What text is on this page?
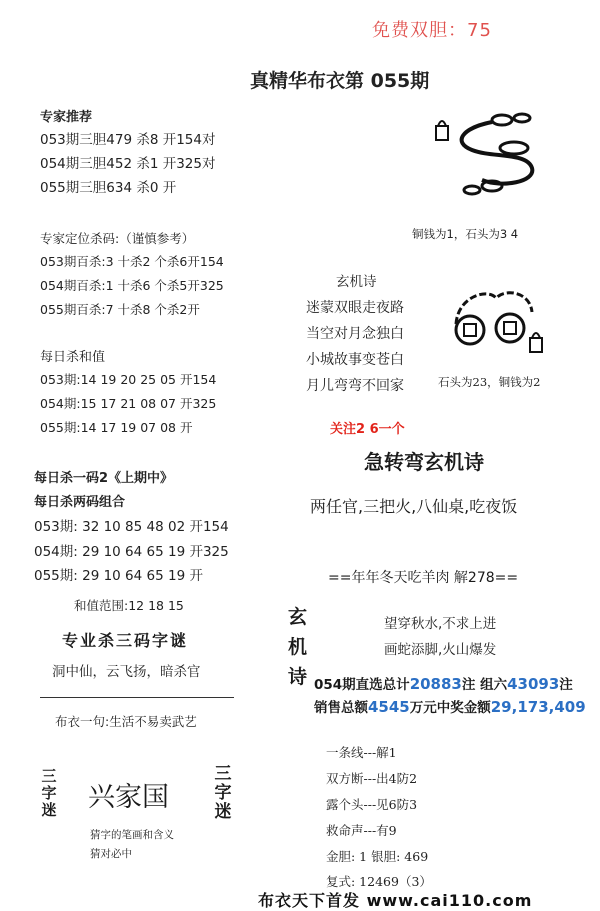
免费双胆：75
真精华布衣第 055期
专家推荐
053期三胆479 杀8 开154对
054期三胆452 杀1 开325对
055期三胆634 杀0 开
专家定位杀码:（谨慎参考）
053期百杀:3 十杀2 个杀6开154
054期百杀:1 十杀6 个杀5开325
055期百杀:7 十杀8 个杀2开
每日杀和值
053期:14 19 20 25 05 开154
054期:15 17 21 08 07 开325
055期:14 17 19 07 08 开
每日杀一码2《上期中》
每日杀两码组合
053期: 32 10 85 48 02 开154
054期: 29 10 64 65 19 开325
055期: 29 10 64 65 19 开
和值范围:12 18 15
专业杀三码字谜
洞中仙，云飞扬，暗杀官
布衣一句:生活不易卖武艺
三字迷 兴家国
三字迷
猜字的笔画和含义
猜对必中
铜钱为1，石头为3 4
玄机诗
迷蒙双眼走夜路
当空对月念独白
小城故事变苍白
月儿弯弯不回家	石头为23，铜钱为2
关注2 6一个
急转弯玄机诗
两任官,三把火,八仙桌,吃夜饭
==年年冬天吃羊肉 解278==
玄机诗
望穿秋水,不求上进
画蛇添脚,火山爆发
054期直选总计20883注 组六43093注
销售总额4545万元中奖金额29,173,409
一条线---解1
双方断---出4防2
露个头---见6防3
救命声---有9
金胆: 1 银胆: 469
复式: 12469（3）
布衣天下首发 www.cai110.com
